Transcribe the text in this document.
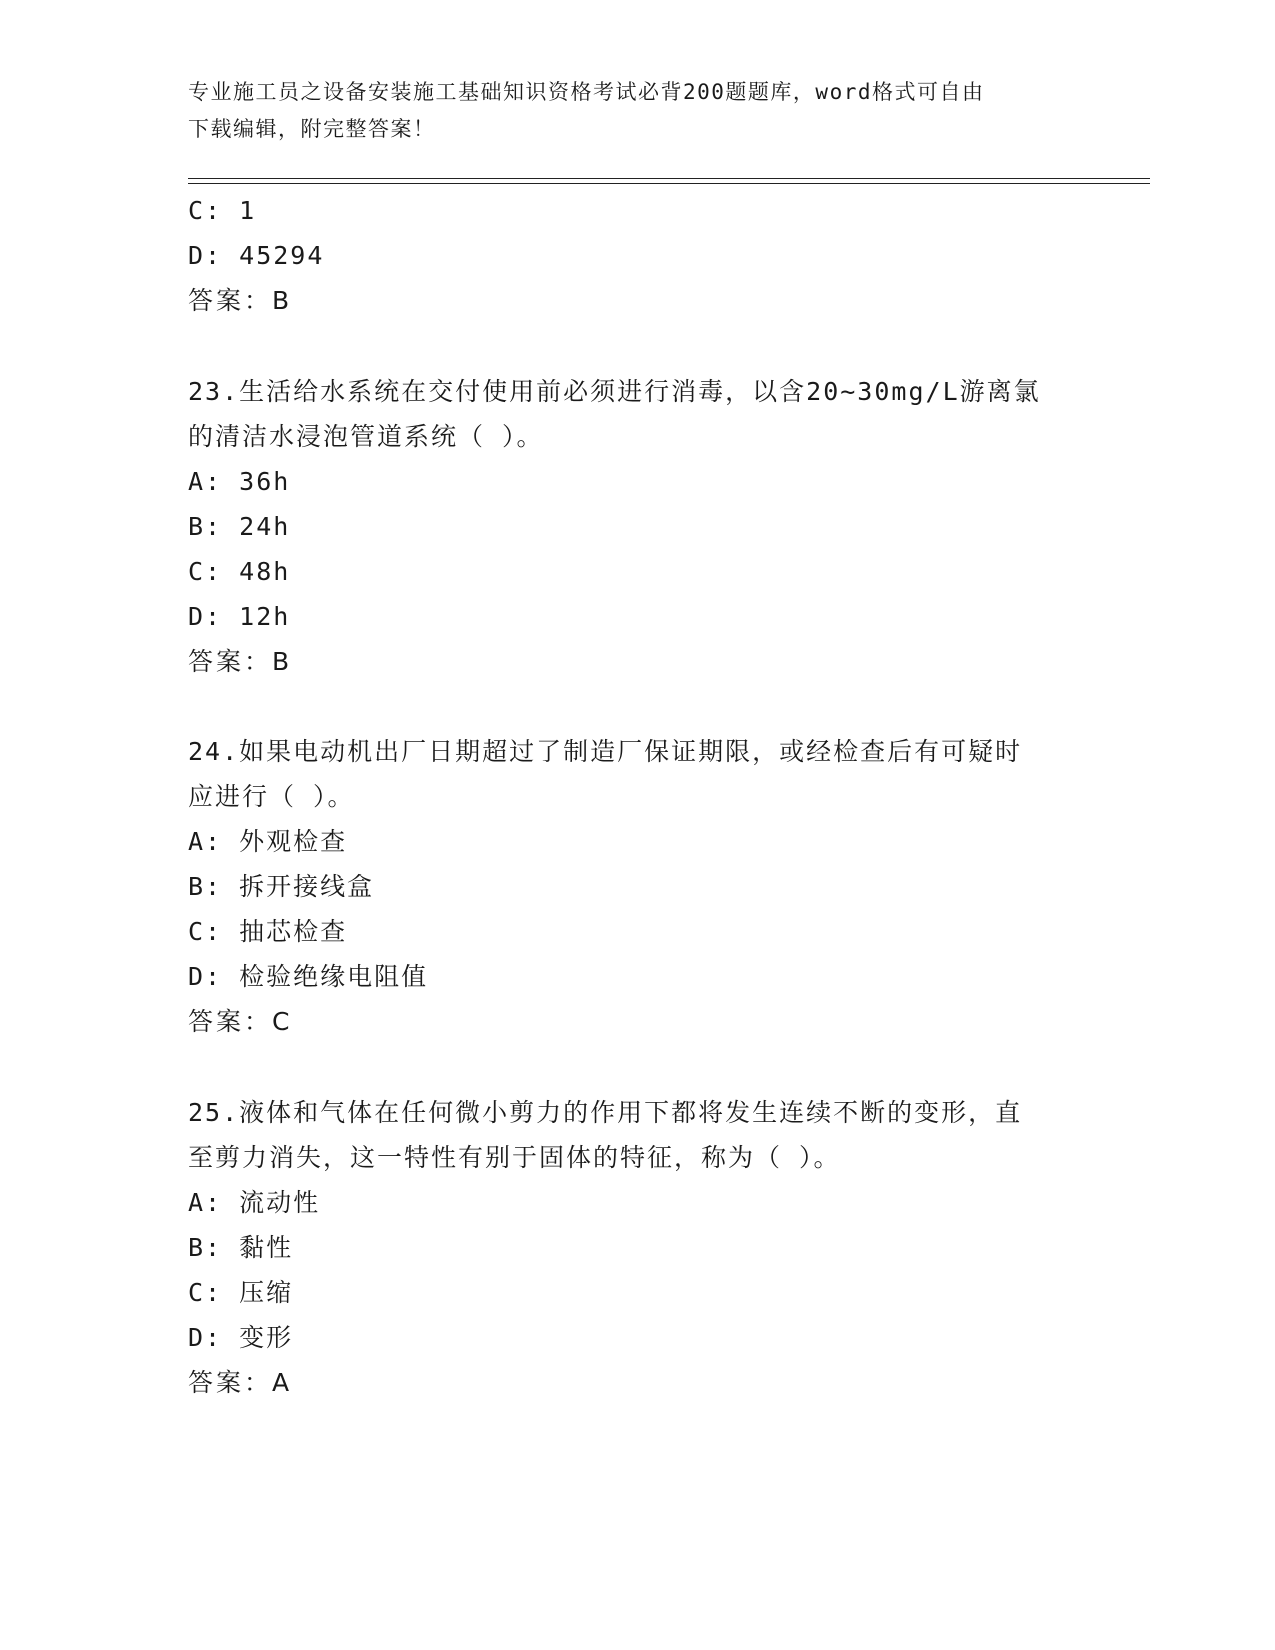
专业施工员之设备安装施工基础知识资格考试必背200题题库，word格式可自由
下载编辑，附完整答案！
C: 1
D: 45294
答案：B
23.生活给水系统在交付使用前必须进行消毒，以含20~30mg/L游离氯
的清洁水浸泡管道系统（ ）。
A: 36h
B: 24h
C: 48h
D: 12h
答案：B
24.如果电动机出厂日期超过了制造厂保证期限，或经检查后有可疑时
应进行（ ）。
A: 外观检查
B: 拆开接线盒
C: 抽芯检查
D: 检验绝缘电阻值
答案：C
25.液体和气体在任何微小剪力的作用下都将发生连续不断的变形，直
至剪力消失，这一特性有别于固体的特征，称为（ ）。
A: 流动性
B: 黏性
C: 压缩
D: 变形
答案：A
